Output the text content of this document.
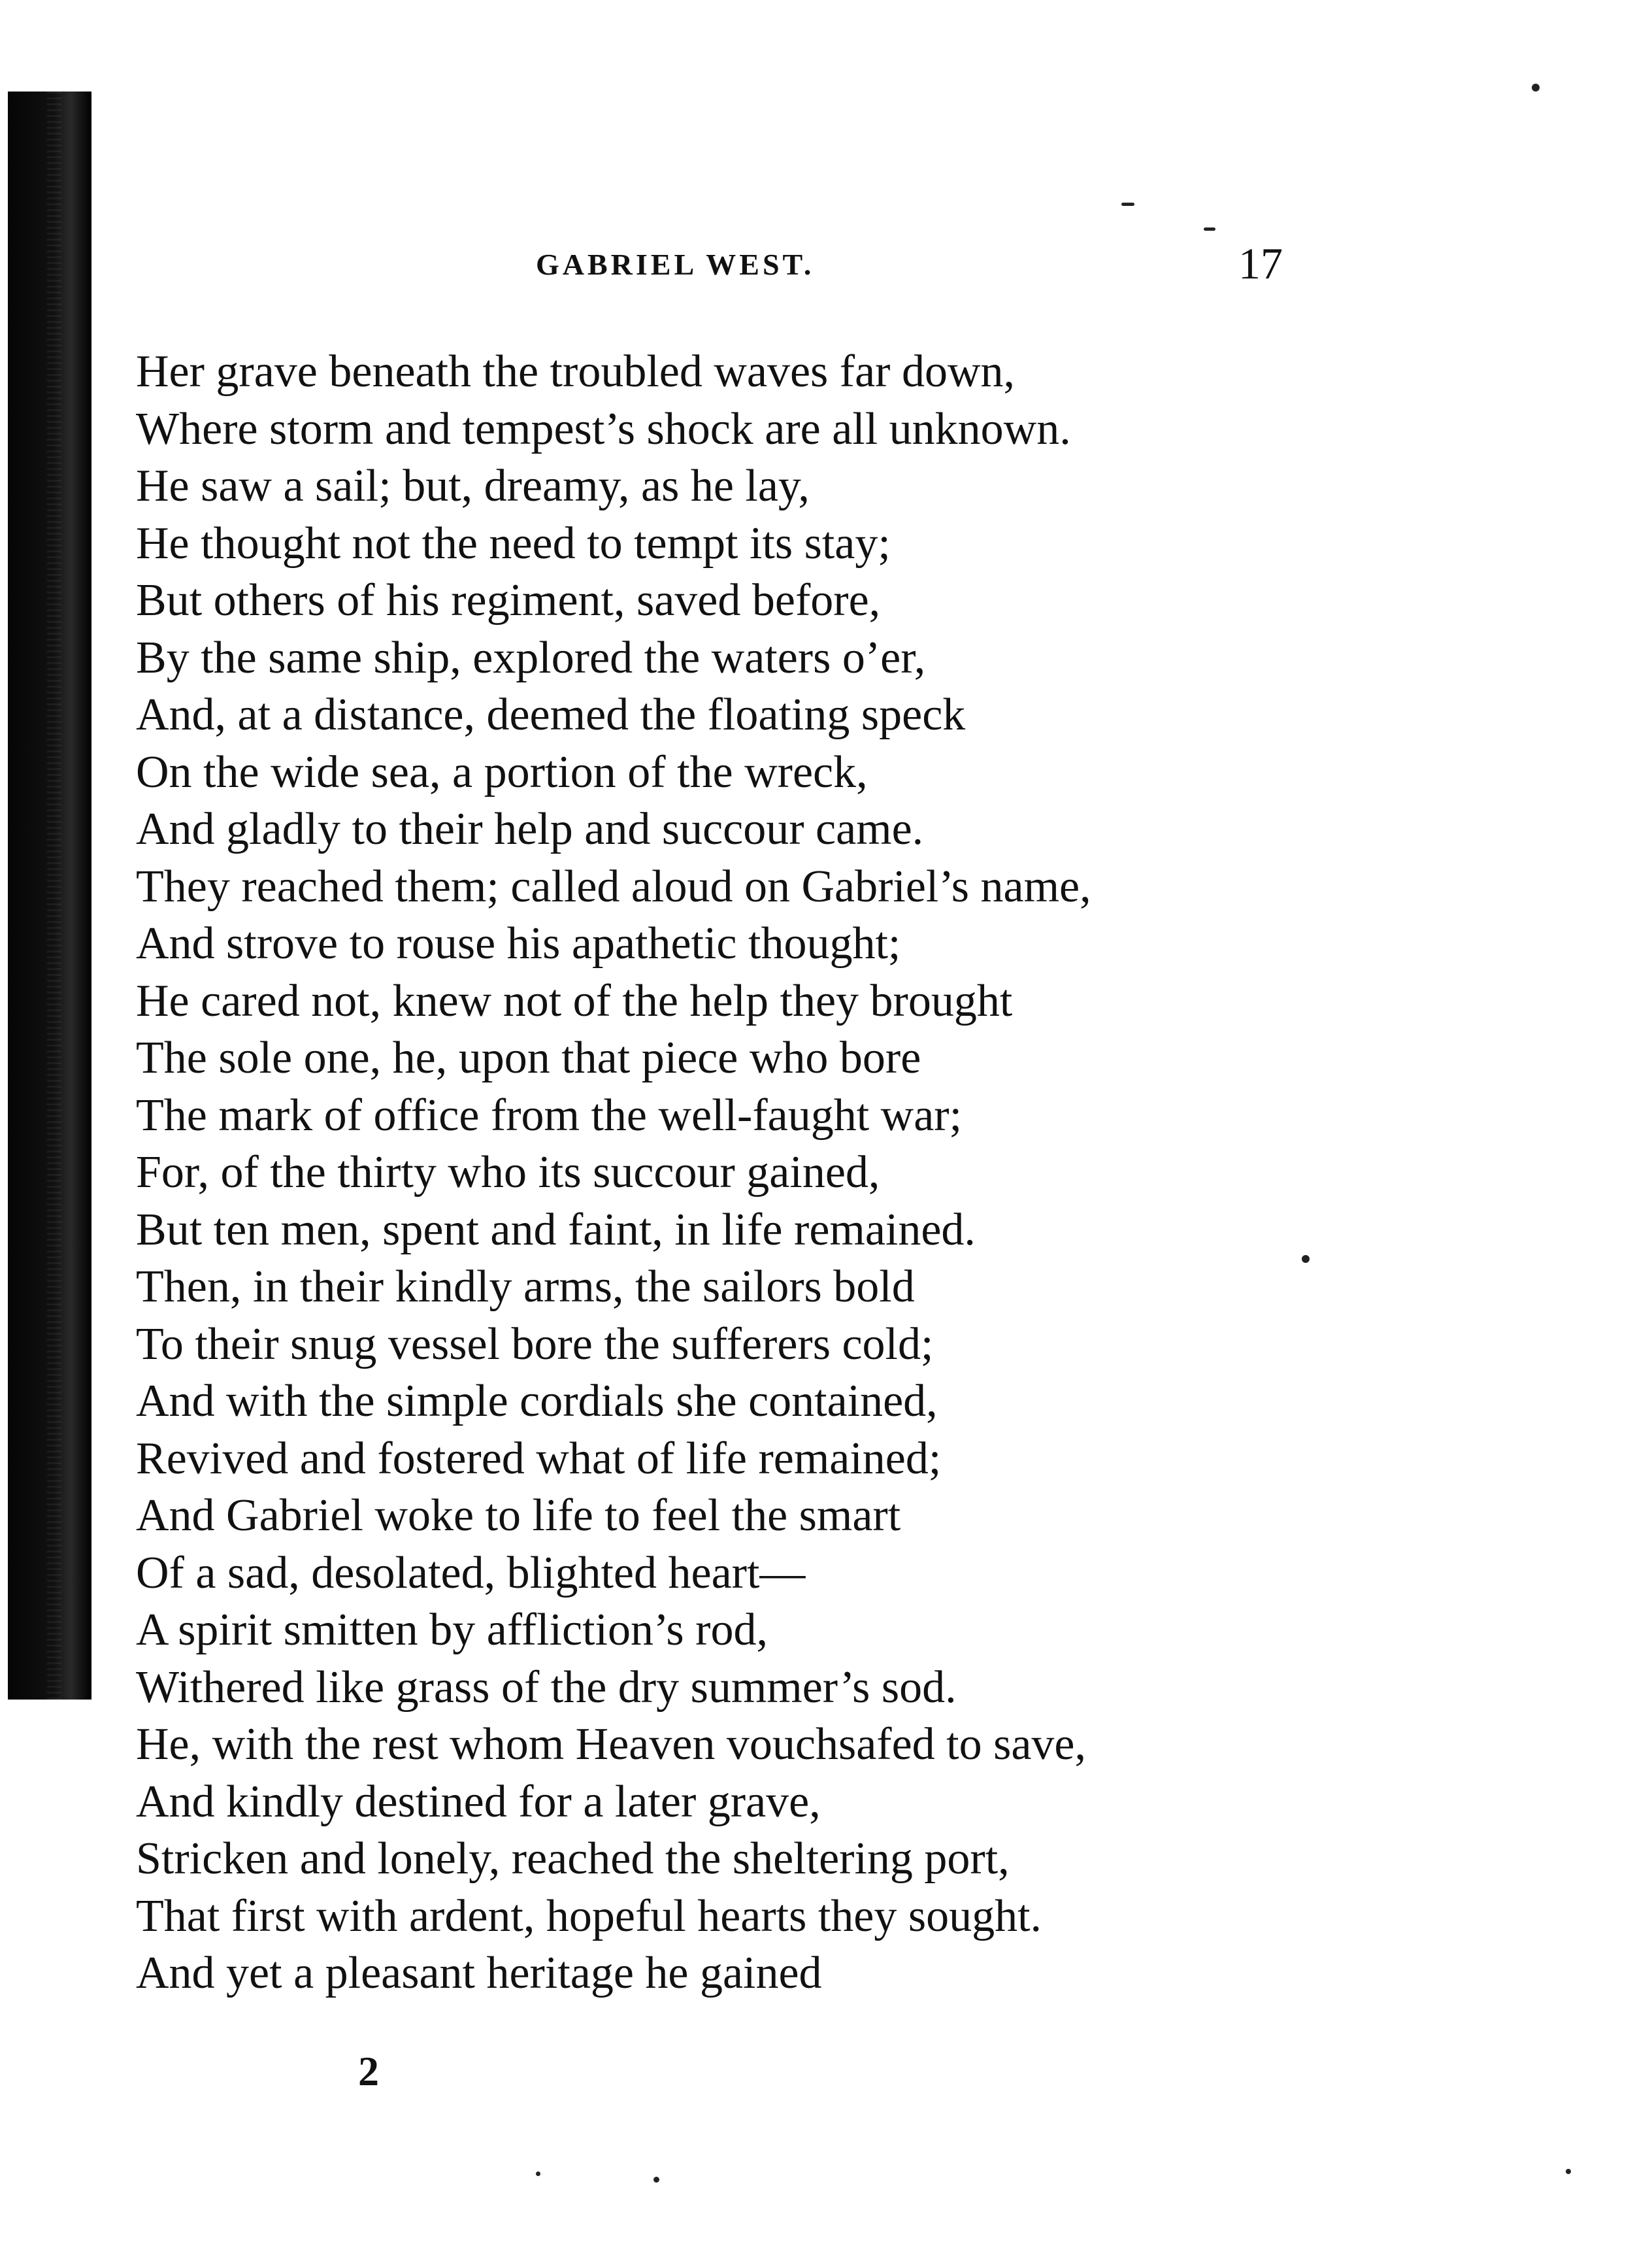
GABRIEL WEST.	17
Her grave beneath the troubled waves far down,
Where storm and tempest’s shock are all unknown.
He saw a sail; but, dreamy, as he lay,
He thought not the need to tempt its stay;
But others of his regiment, saved before,
By the same ship, explored the waters o’er,
And, at a distance, deemed the floating speck
On the wide sea, a portion of the wreck,
And gladly to their help and succour came.
They reached them; called aloud on Gabriel’s name,
And strove to rouse his apathetic thought;
He cared not, knew not of the help they brought
The sole one, he, upon that piece who bore
The mark of office from the well-faught war;
For, of the thirty who its succour gained,
But ten men, spent and faint, in life remained.
Then, in their kindly arms, the sailors bold
To their snug vessel bore the sufferers cold;
And with the simple cordials she contained,
Revived and fostered what of life remained;
And Gabriel woke to life to feel the smart
Of a sad, desolated, blighted heart—
A spirit smitten by affliction’s rod,
Withered like grass of the dry summer’s sod.
He, with the rest whom Heaven vouchsafed to save,
And kindly destined for a later grave,
Stricken and lonely, reached the sheltering port,
That first with ardent, hopeful hearts they sought.
And yet a pleasant heritage he gained
2
